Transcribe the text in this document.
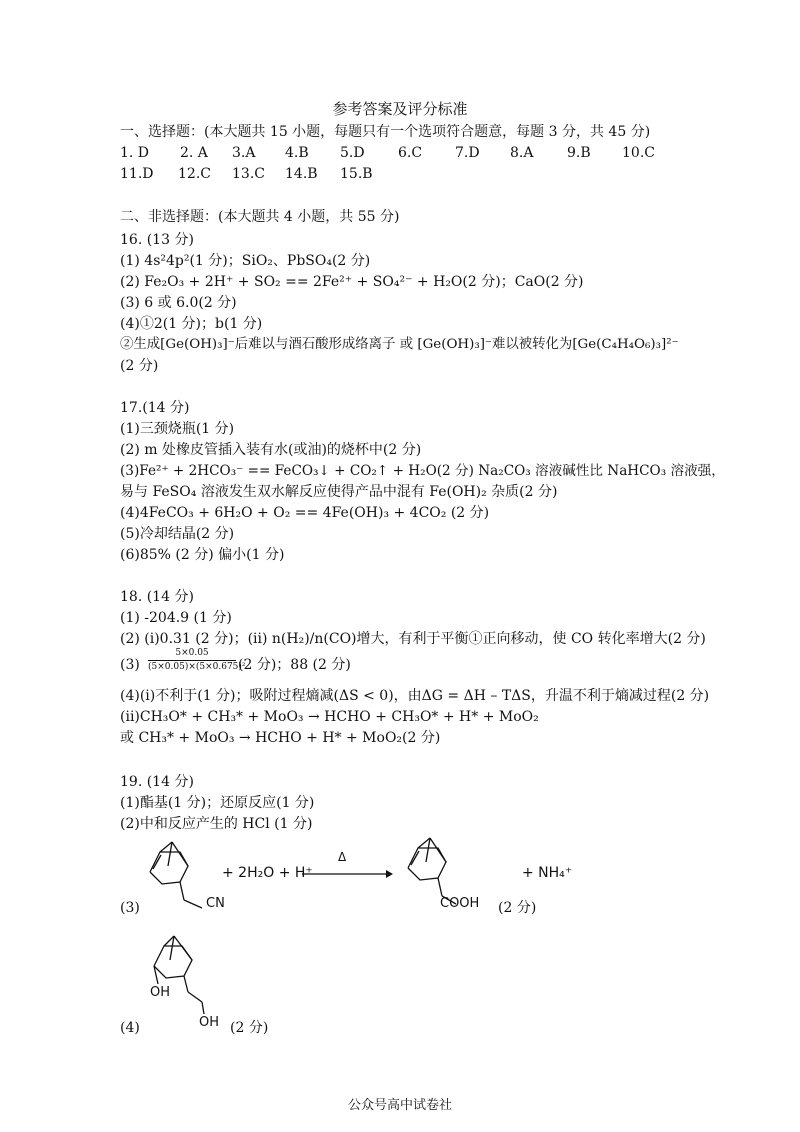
参考答案及评分标准
一、选择题：(本大题共 15 小题，每题只有一个选项符合题意，每题 3 分，共 45 分)
1. D 2. A 3.A 4.B 5.D 6.C 7.D 8.A 9.B 10.C
11.D 12.C 13.C 14.B 15.B
二、非选择题：(本大题共 4 小题，共 55 分)
16. (13 分)
(1) 4s²4p²(1 分)；SiO₂、PbSO₄(2 分)
(2) Fe₂O₃ + 2H⁺ + SO₂ == 2Fe²⁺ + SO₄²⁻ + H₂O(2 分)；CaO(2 分)
(3) 6 或 6.0(2 分)
(4)①2(1 分)；b(1 分)
②生成[Ge(OH)₃]⁻后难以与酒石酸形成络离子 或 [Ge(OH)₃]⁻难以被转化为[Ge(C₄H₄O₆)₃]²⁻
(2 分)
17.(14 分)
(1)三颈烧瓶(1 分)
(2) m 处橡皮管插入装有水(或油)的烧杯中(2 分)
(3)Fe²⁺ + 2HCO₃⁻ == FeCO₃↓ + CO₂↑ + H₂O(2 分) Na₂CO₃ 溶液碱性比 NaHCO₃ 溶液强，
易与 FeSO₄ 溶液发生双水解反应使得产品中混有 Fe(OH)₂ 杂质(2 分)
(4)4FeCO₃ + 6H₂O + O₂ == 4Fe(OH)₃ + 4CO₂ (2 分)
(5)冷却结晶(2 分)
(6)85% (2 分) 偏小(1 分)
18. (14 分)
(1) -204.9 (1 分)
(2) (i)0.31 (2 分)；(ii) n(H₂)/n(CO)增大，有利于平衡①正向移动，使 CO 转化率增大(2 分)
(3)
5×0.05
(5×0.05)×(5×0.675)²
(2 分)；88 (2 分)
(4)(i)不利于(1 分)；吸附过程熵减(ΔS < 0)，由ΔG = ΔH – TΔS，升温不利于熵减过程(2 分)
(ii)CH₃O* + CH₃* + MoO₃ → HCHO + CH₃O* + H* + MoO₂
或 CH₃* + MoO₃ → HCHO + H* + MoO₂(2 分)
19. (14 分)
(1)酯基(1 分)；还原反应(1 分)
(2)中和反应产生的 HCl (1 分)
CN
+ 2H₂O + H⁺
Δ
COOH
+ NH₄⁺
(3)	(2 分)
OH
OH
(4)	(2 分)
公众号高中试卷社
